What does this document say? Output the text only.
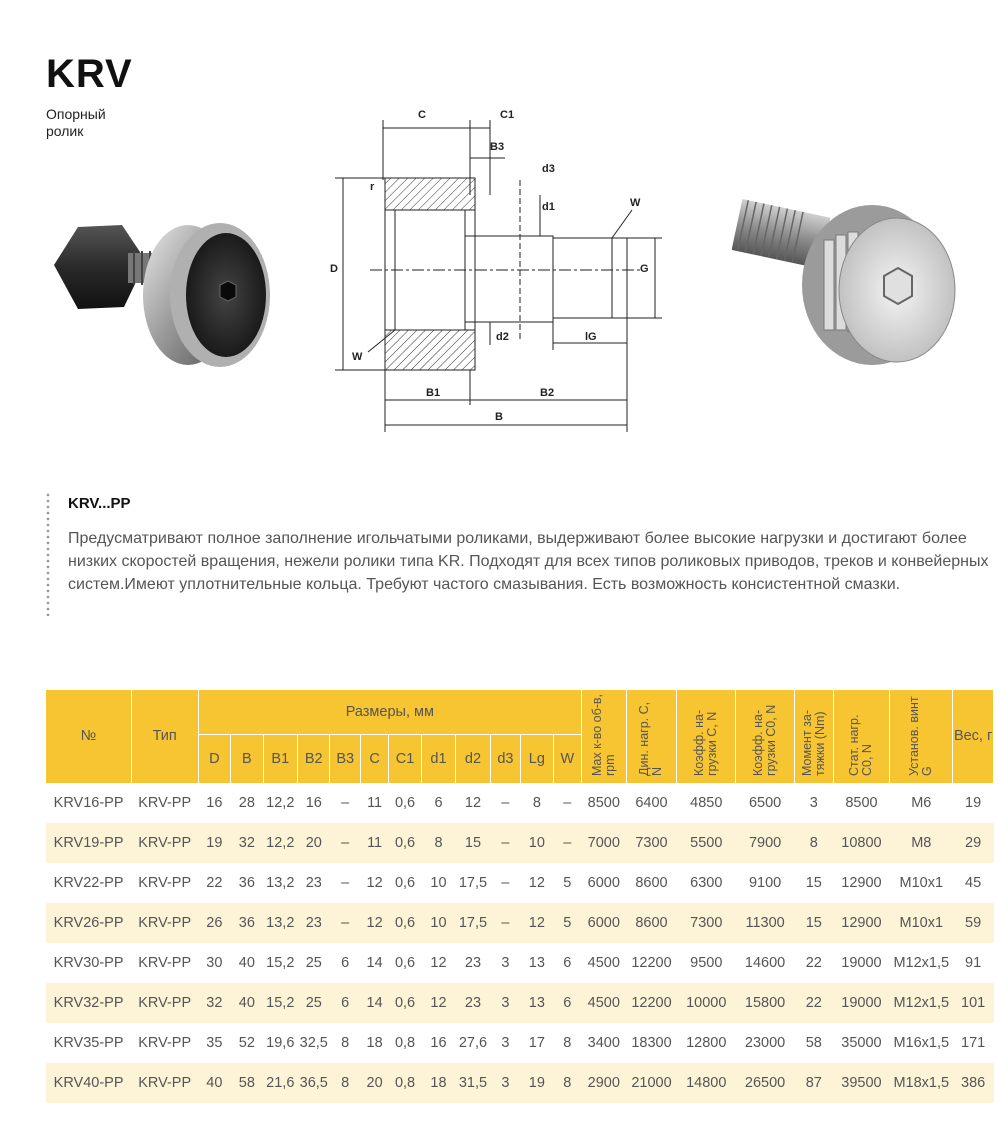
KRV
Опорный ролик
C	C1
B3
d3
d1
r
D
W
G
d2	lG
W
B1	B2
B
KRV...PP
Предусматривают полное заполнение игольчатыми роликами, выдерживают более высокие нагрузки и достигают более низких скоростей вращения, нежели ролики типа KR. Подходят для всех типов роликовых приводов, треков и конвейерных систем.Имеют уплотнительные кольца. Требуют частого смазывания. Есть возможность консистентной смазки.
№	Тип	Размеры, мм												Max к-во об-в, rpm	Дин. нагр. C, N	Коэфф. на-грузки C, N	Коэфф. на-грузки C0, N	Момент за-тяжки (Nm)	Стат. нагр. C0, N	Установ. винт G	Вес, г
		D	B	B1	B2	B3	C	C1	d1	d2	d3	Lg	W								
KRV16-PP	KRV-PP	16	28	12,2	16	–	11	0,6	6	12	–	8	–	8500	6400	4850	6500	3	8500	M6	19
KRV19-PP	KRV-PP	19	32	12,2	20	–	11	0,6	8	15	–	10	–	7000	7300	5500	7900	8	10800	M8	29
KRV22-PP	KRV-PP	22	36	13,2	23	–	12	0,6	10	17,5	–	12	5	6000	8600	6300	9100	15	12900	M10x1	45
KRV26-PP	KRV-PP	26	36	13,2	23	–	12	0,6	10	17,5	–	12	5	6000	8600	7300	11300	15	12900	M10x1	59
KRV30-PP	KRV-PP	30	40	15,2	25	6	14	0,6	12	23	3	13	6	4500	12200	9500	14600	22	19000	M12x1,5	91
KRV32-PP	KRV-PP	32	40	15,2	25	6	14	0,6	12	23	3	13	6	4500	12200	10000	15800	22	19000	M12x1,5	101
KRV35-PP	KRV-PP	35	52	19,6	32,5	8	18	0,8	16	27,6	3	17	8	3400	18300	12800	23000	58	35000	M16x1,5	171
KRV40-PP	KRV-PP	40	58	21,6	36,5	8	20	0,8	18	31,5	3	19	8	2900	21000	14800	26500	87	39500	M18x1,5	386
